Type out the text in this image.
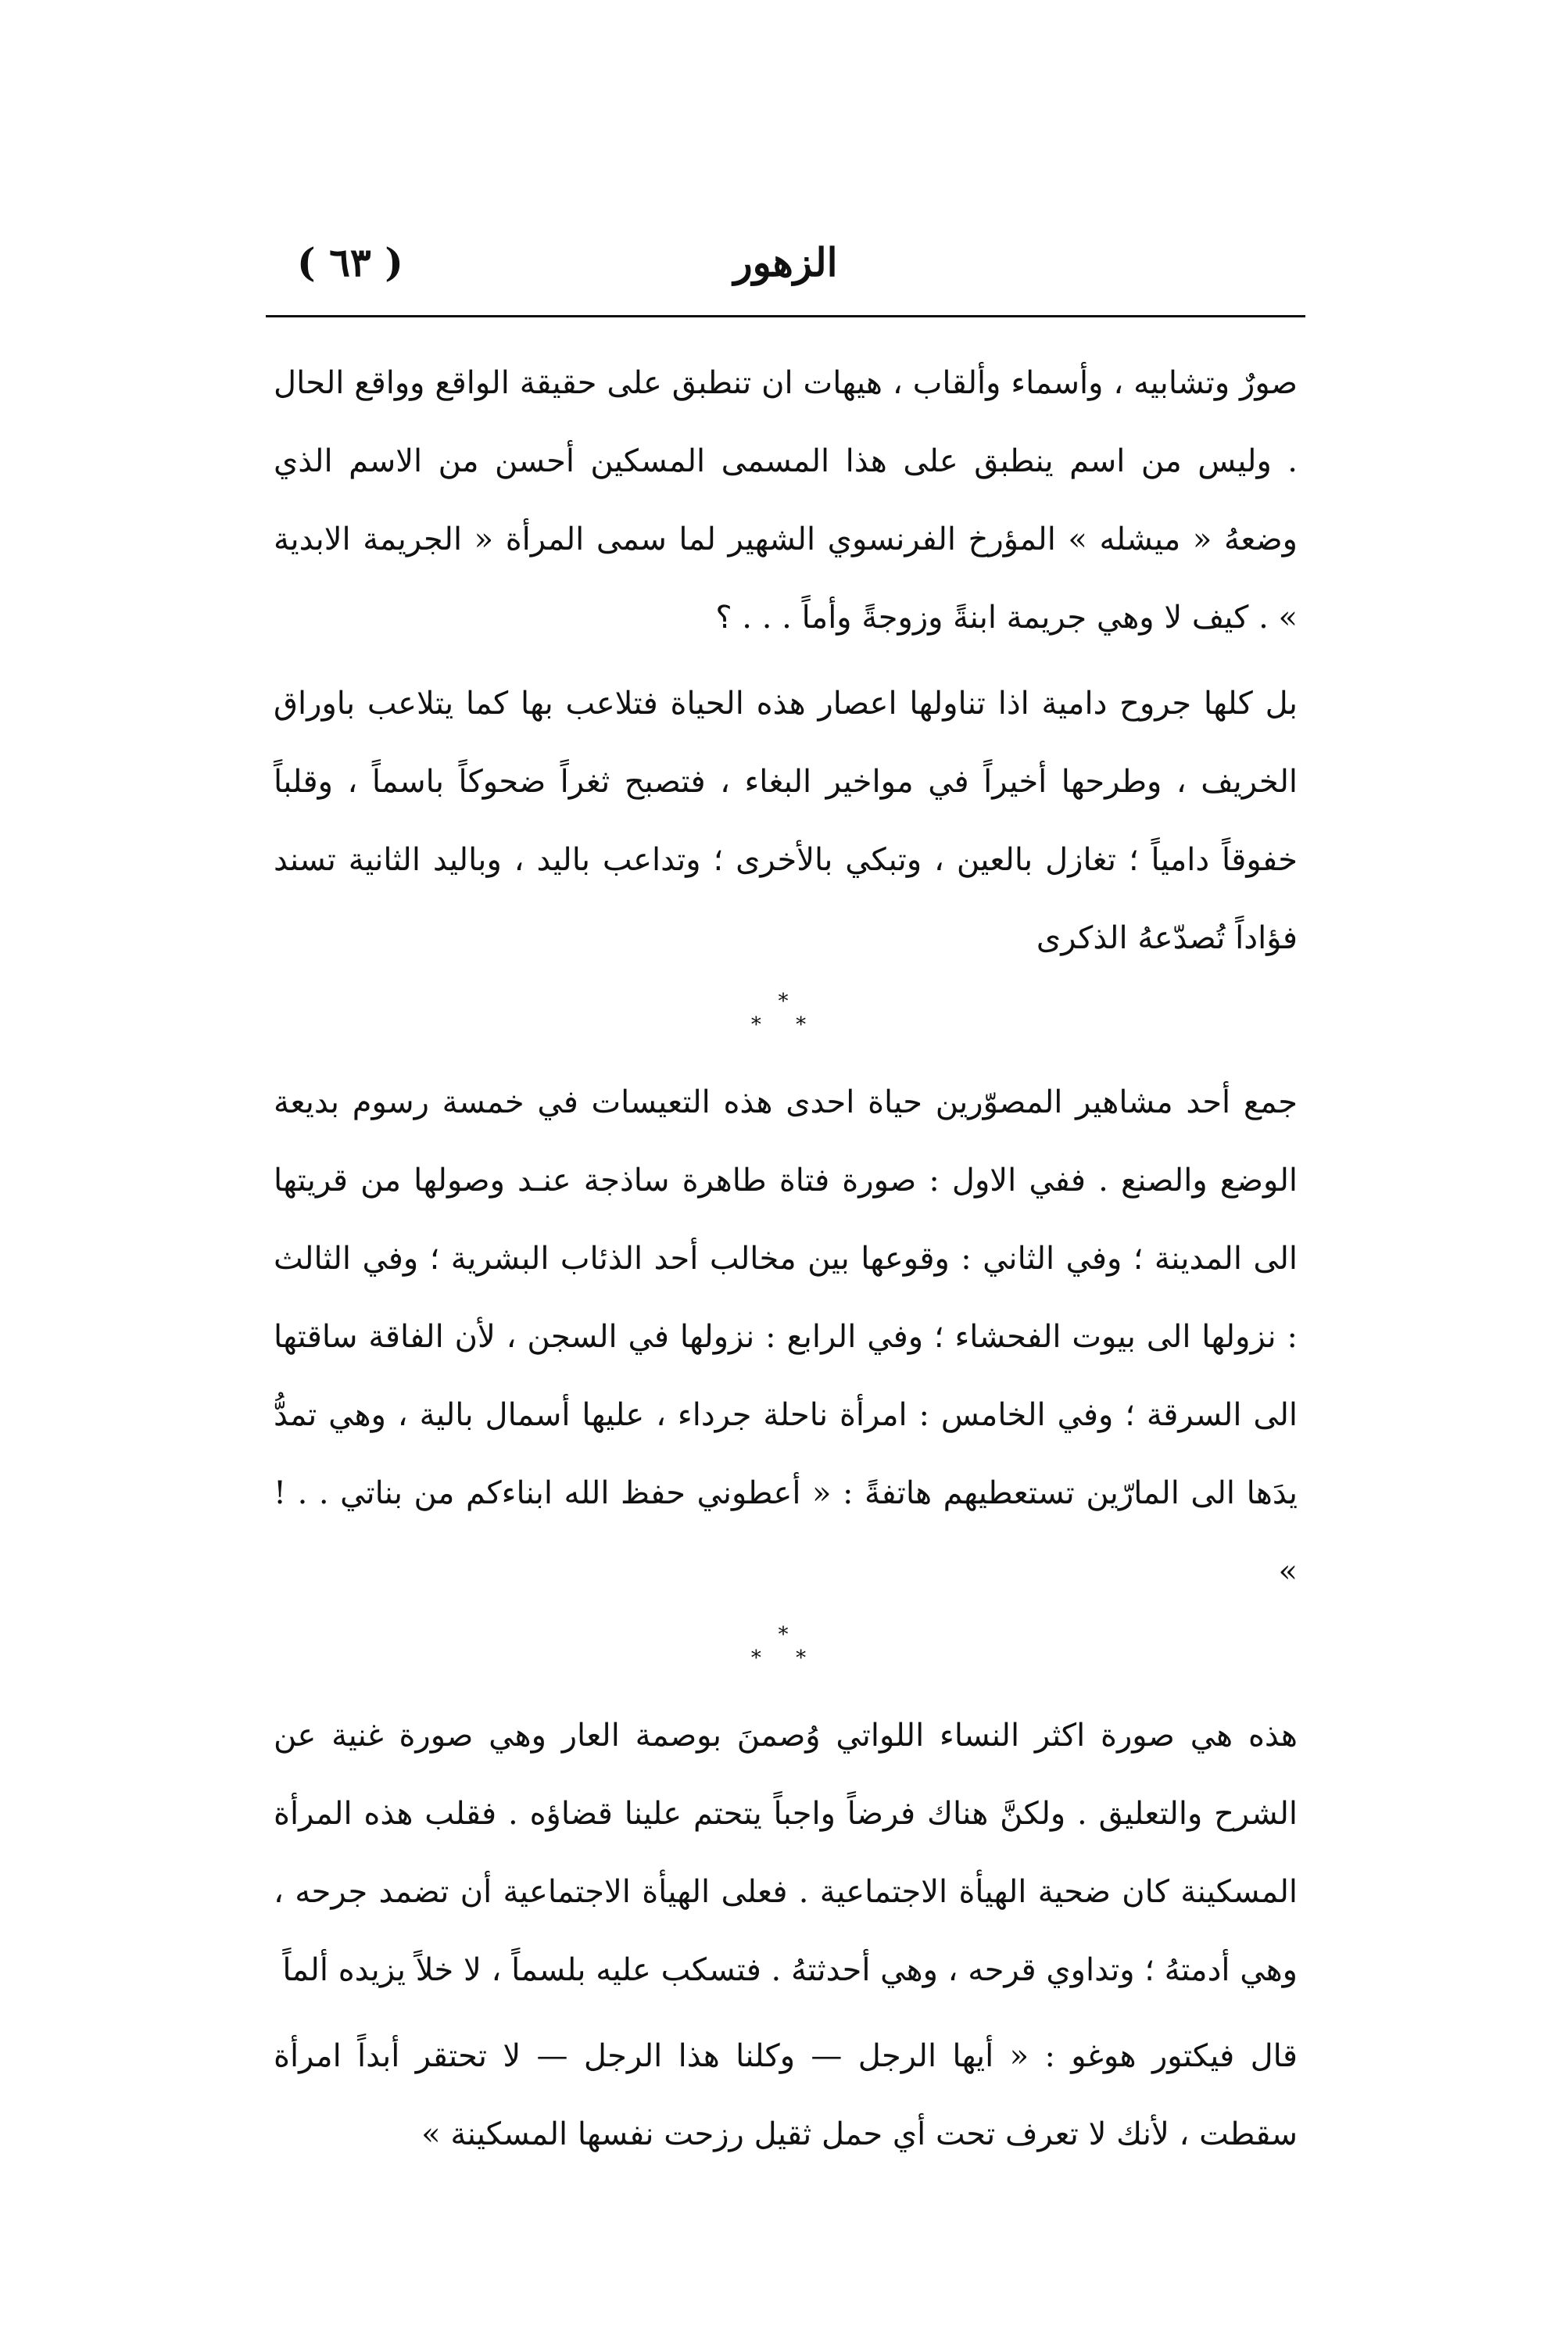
الزهور
( ٦٣ )

صورٌ وتشابيه ، وأسماء وألقاب ، هيهات ان تنطبق على حقيقة الواقع وواقع الحال . وليس من اسم ينطبق على هذا المسمى المسكين أحسن من الاسم الذي وضعهُ « ميشله » المؤرخ الفرنسوي الشهير لما سمى المرأة « الجريمة الابدية » . كيف لا وهي جريمة ابنةً وزوجةً وأماً . . . ؟

بل كلها جروح دامية اذا تناولها اعصار هذه الحياة فتلاعب بها كما يتلاعب باوراق الخريف ، وطرحها أخيراً في مواخير البغاء ، فتصبح ثغراً ضحوكاً باسماً ، وقلباً خفوقاً دامياً ؛ تغازل بالعين ، وتبكي بالأخرى ؛ وتداعب باليد ، وباليد الثانية تسند فؤاداً تُصدّعهُ الذكرى

*
* *

جمع أحد مشاهير المصوّرين حياة احدى هذه التعيسات في خمسة رسوم بديعة الوضع والصنع . ففي الاول : صورة فتاة طاهرة ساذجة عنـد وصولها من قريتها الى المدينة ؛ وفي الثاني : وقوعها بين مخالب أحد الذئاب البشرية ؛ وفي الثالث : نزولها الى بيوت الفحشاء ؛ وفي الرابع : نزولها في السجن ، لأن الفاقة ساقتها الى السرقة ؛ وفي الخامس : امرأة ناحلة جرداء ، عليها أسمال بالية ، وهي تمدُّ يدَها الى المارّين تستعطيهم هاتفةً : « أعطوني حفظ الله ابناءكم من بناتي . . ! »

*
* *

هذه هي صورة اكثر النساء اللواتي وُصمنَ بوصمة العار وهي صورة غنية عن الشرح والتعليق . ولكنَّ هناك فرضاً واجباً يتحتم علينا قضاؤه . فقلب هذه المرأة المسكينة كان ضحية الهيأة الاجتماعية . فعلى الهيأة الاجتماعية أن تضمد جرحه ، وهي أدمتهُ ؛ وتداوي قرحه ، وهي أحدثتهُ . فتسكب عليه بلسماً ، لا خلاً يزيده ألماً

قال فيكتور هوغو : « أيها الرجل — وكلنا هذا الرجل — لا تحتقر أبداً امرأة سقطت ، لأنك لا تعرف تحت أي حمل ثقيل رزحت نفسها المسكينة »
